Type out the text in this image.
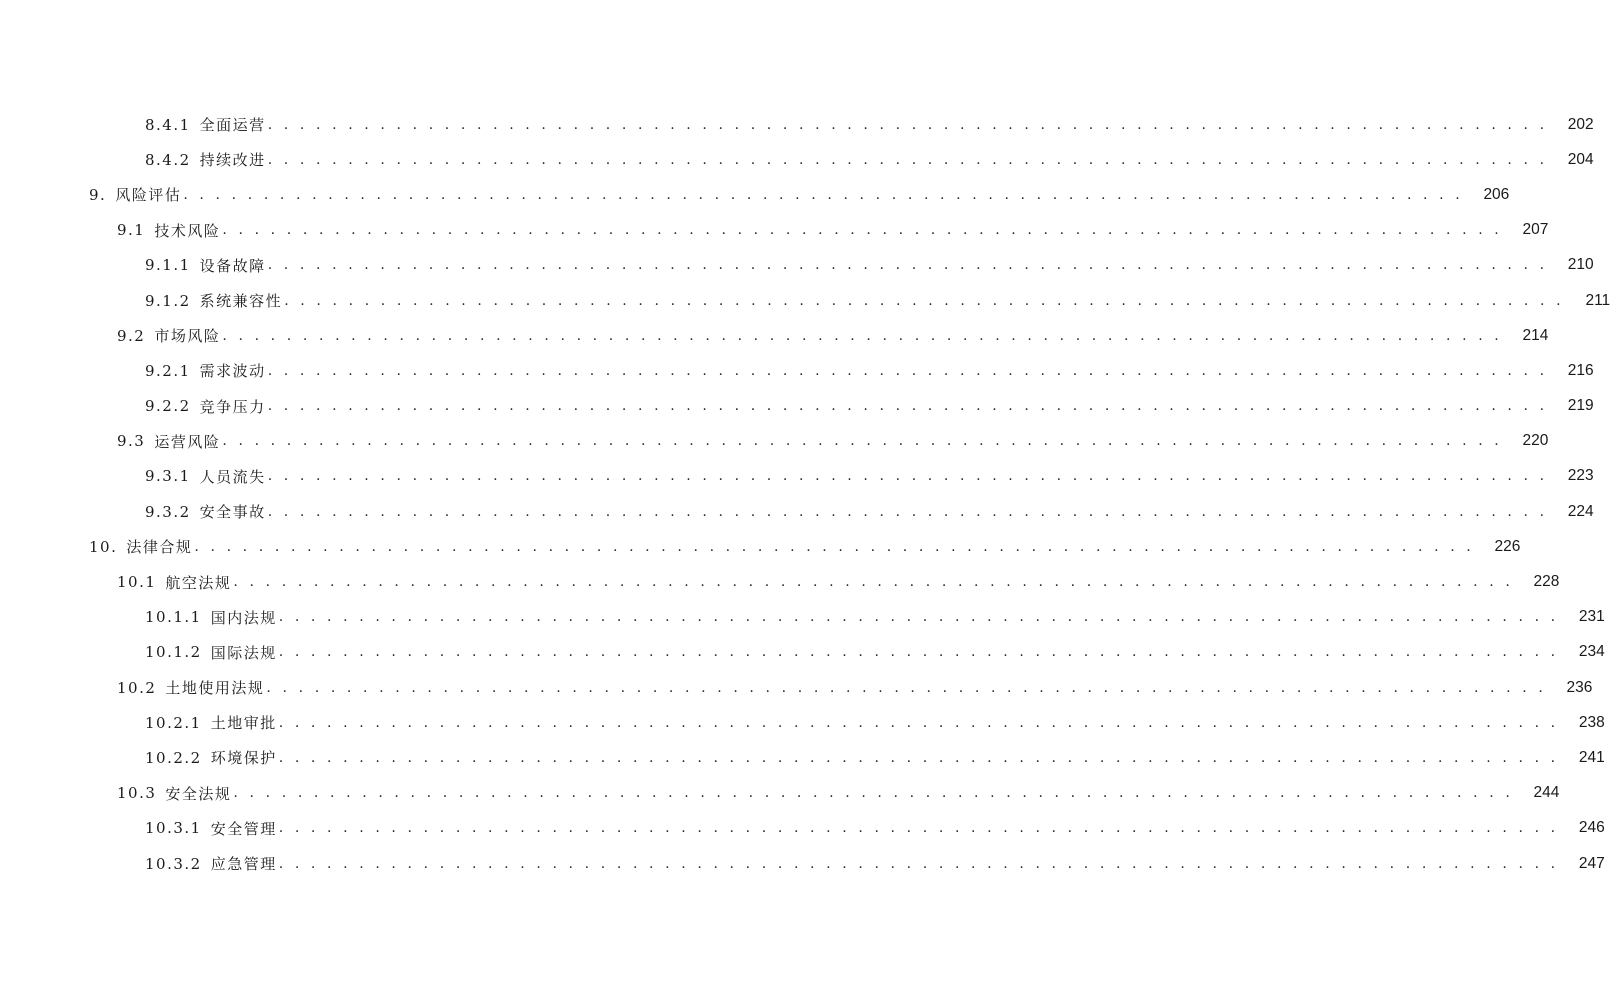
8.4.1 全面运营 . . . . . . . . . . . . . . . . . . . . . . . . . . . . . . . . . . . . . . . . . . . . . . . . . . . . . . . . . . . . . . . . . . . . . . . . . . . . . . . .	202
8.4.2 持续改进 . . . . . . . . . . . . . . . . . . . . . . . . . . . . . . . . . . . . . . . . . . . . . . . . . . . . . . . . . . . . . . . . . . . . . . . . . . . . . . . .	204
9. 风险评估 . . . . . . . . . . . . . . . . . . . . . . . . . . . . . . . . . . . . . . . . . . . . . . . . . . . . . . . . . . . . . . . . . . . . . . . . . . . . . . . .	206
9.1 技术风险 . . . . . . . . . . . . . . . . . . . . . . . . . . . . . . . . . . . . . . . . . . . . . . . . . . . . . . . . . . . . . . . . . . . . . . . . . . . . . . . .	207
9.1.1 设备故障 . . . . . . . . . . . . . . . . . . . . . . . . . . . . . . . . . . . . . . . . . . . . . . . . . . . . . . . . . . . . . . . . . . . . . . . . . . . . . . . .	210
9.1.2 系统兼容性 . . . . . . . . . . . . . . . . . . . . . . . . . . . . . . . . . . . . . . . . . . . . . . . . . . . . . . . . . . . . . . . . . . . . . . . . . . . . . . . .	211
9.2 市场风险 . . . . . . . . . . . . . . . . . . . . . . . . . . . . . . . . . . . . . . . . . . . . . . . . . . . . . . . . . . . . . . . . . . . . . . . . . . . . . . . .	214
9.2.1 需求波动 . . . . . . . . . . . . . . . . . . . . . . . . . . . . . . . . . . . . . . . . . . . . . . . . . . . . . . . . . . . . . . . . . . . . . . . . . . . . . . . .	216
9.2.2 竞争压力 . . . . . . . . . . . . . . . . . . . . . . . . . . . . . . . . . . . . . . . . . . . . . . . . . . . . . . . . . . . . . . . . . . . . . . . . . . . . . . . .	219
9.3 运营风险 . . . . . . . . . . . . . . . . . . . . . . . . . . . . . . . . . . . . . . . . . . . . . . . . . . . . . . . . . . . . . . . . . . . . . . . . . . . . . . . .	220
9.3.1 人员流失 . . . . . . . . . . . . . . . . . . . . . . . . . . . . . . . . . . . . . . . . . . . . . . . . . . . . . . . . . . . . . . . . . . . . . . . . . . . . . . . .	223
9.3.2 安全事故 . . . . . . . . . . . . . . . . . . . . . . . . . . . . . . . . . . . . . . . . . . . . . . . . . . . . . . . . . . . . . . . . . . . . . . . . . . . . . . . .	224
10. 法律合规 . . . . . . . . . . . . . . . . . . . . . . . . . . . . . . . . . . . . . . . . . . . . . . . . . . . . . . . . . . . . . . . . . . . . . . . . . . . . . . . .	226
10.1 航空法规 . . . . . . . . . . . . . . . . . . . . . . . . . . . . . . . . . . . . . . . . . . . . . . . . . . . . . . . . . . . . . . . . . . . . . . . . . . . . . . . .	228
10.1.1 国内法规 . . . . . . . . . . . . . . . . . . . . . . . . . . . . . . . . . . . . . . . . . . . . . . . . . . . . . . . . . . . . . . . . . . . . . . . . . . . . . . . .	231
10.1.2 国际法规 . . . . . . . . . . . . . . . . . . . . . . . . . . . . . . . . . . . . . . . . . . . . . . . . . . . . . . . . . . . . . . . . . . . . . . . . . . . . . . . .	234
10.2 土地使用法规 . . . . . . . . . . . . . . . . . . . . . . . . . . . . . . . . . . . . . . . . . . . . . . . . . . . . . . . . . . . . . . . . . . . . . . . . . . . . . . . .	236
10.2.1 土地审批 . . . . . . . . . . . . . . . . . . . . . . . . . . . . . . . . . . . . . . . . . . . . . . . . . . . . . . . . . . . . . . . . . . . . . . . . . . . . . . . .	238
10.2.2 环境保护 . . . . . . . . . . . . . . . . . . . . . . . . . . . . . . . . . . . . . . . . . . . . . . . . . . . . . . . . . . . . . . . . . . . . . . . . . . . . . . . .	241
10.3 安全法规 . . . . . . . . . . . . . . . . . . . . . . . . . . . . . . . . . . . . . . . . . . . . . . . . . . . . . . . . . . . . . . . . . . . . . . . . . . . . . . . .	244
10.3.1 安全管理 . . . . . . . . . . . . . . . . . . . . . . . . . . . . . . . . . . . . . . . . . . . . . . . . . . . . . . . . . . . . . . . . . . . . . . . . . . . . . . . .	246
10.3.2 应急管理 . . . . . . . . . . . . . . . . . . . . . . . . . . . . . . . . . . . . . . . . . . . . . . . . . . . . . . . . . . . . . . . . . . . . . . . . . . . . . . . .	247
